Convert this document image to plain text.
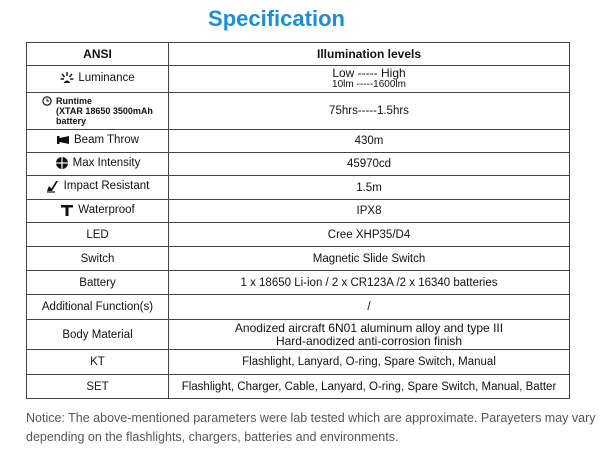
Specification
ANSI	Illumination levels

Luminance	Low ----- High
10lm -----1600lm

Runtime
(XTAR 18650 3500mAh
battery	75hrs-----1.5hrs

Beam Throw	430m

Max Intensity	45970cd

Impact Resistant	1.5m

Waterproof	IPX8
LED	Cree XHP35/D4
Switch	Magnetic Slide Switch
Battery	1 x 18650 Li-ion / 2 x CR123A /2 x 16340 batteries
Additional Function(s)	/
Body Material	Anodized aircraft 6N01 aluminum alloy and type III
Hard-anodized anti-corrosion finish

KT	Flashlight, Lanyard, O-ring, Spare Switch, Manual
SET	Flashlight, Charger, Cable, Lanyard, O-ring, Spare Switch, Manual, Batter
Notice: The above-mentioned parameters were lab tested which are approximate. Parayeters may vary depending on the flashlights, chargers, batteries and environments.
